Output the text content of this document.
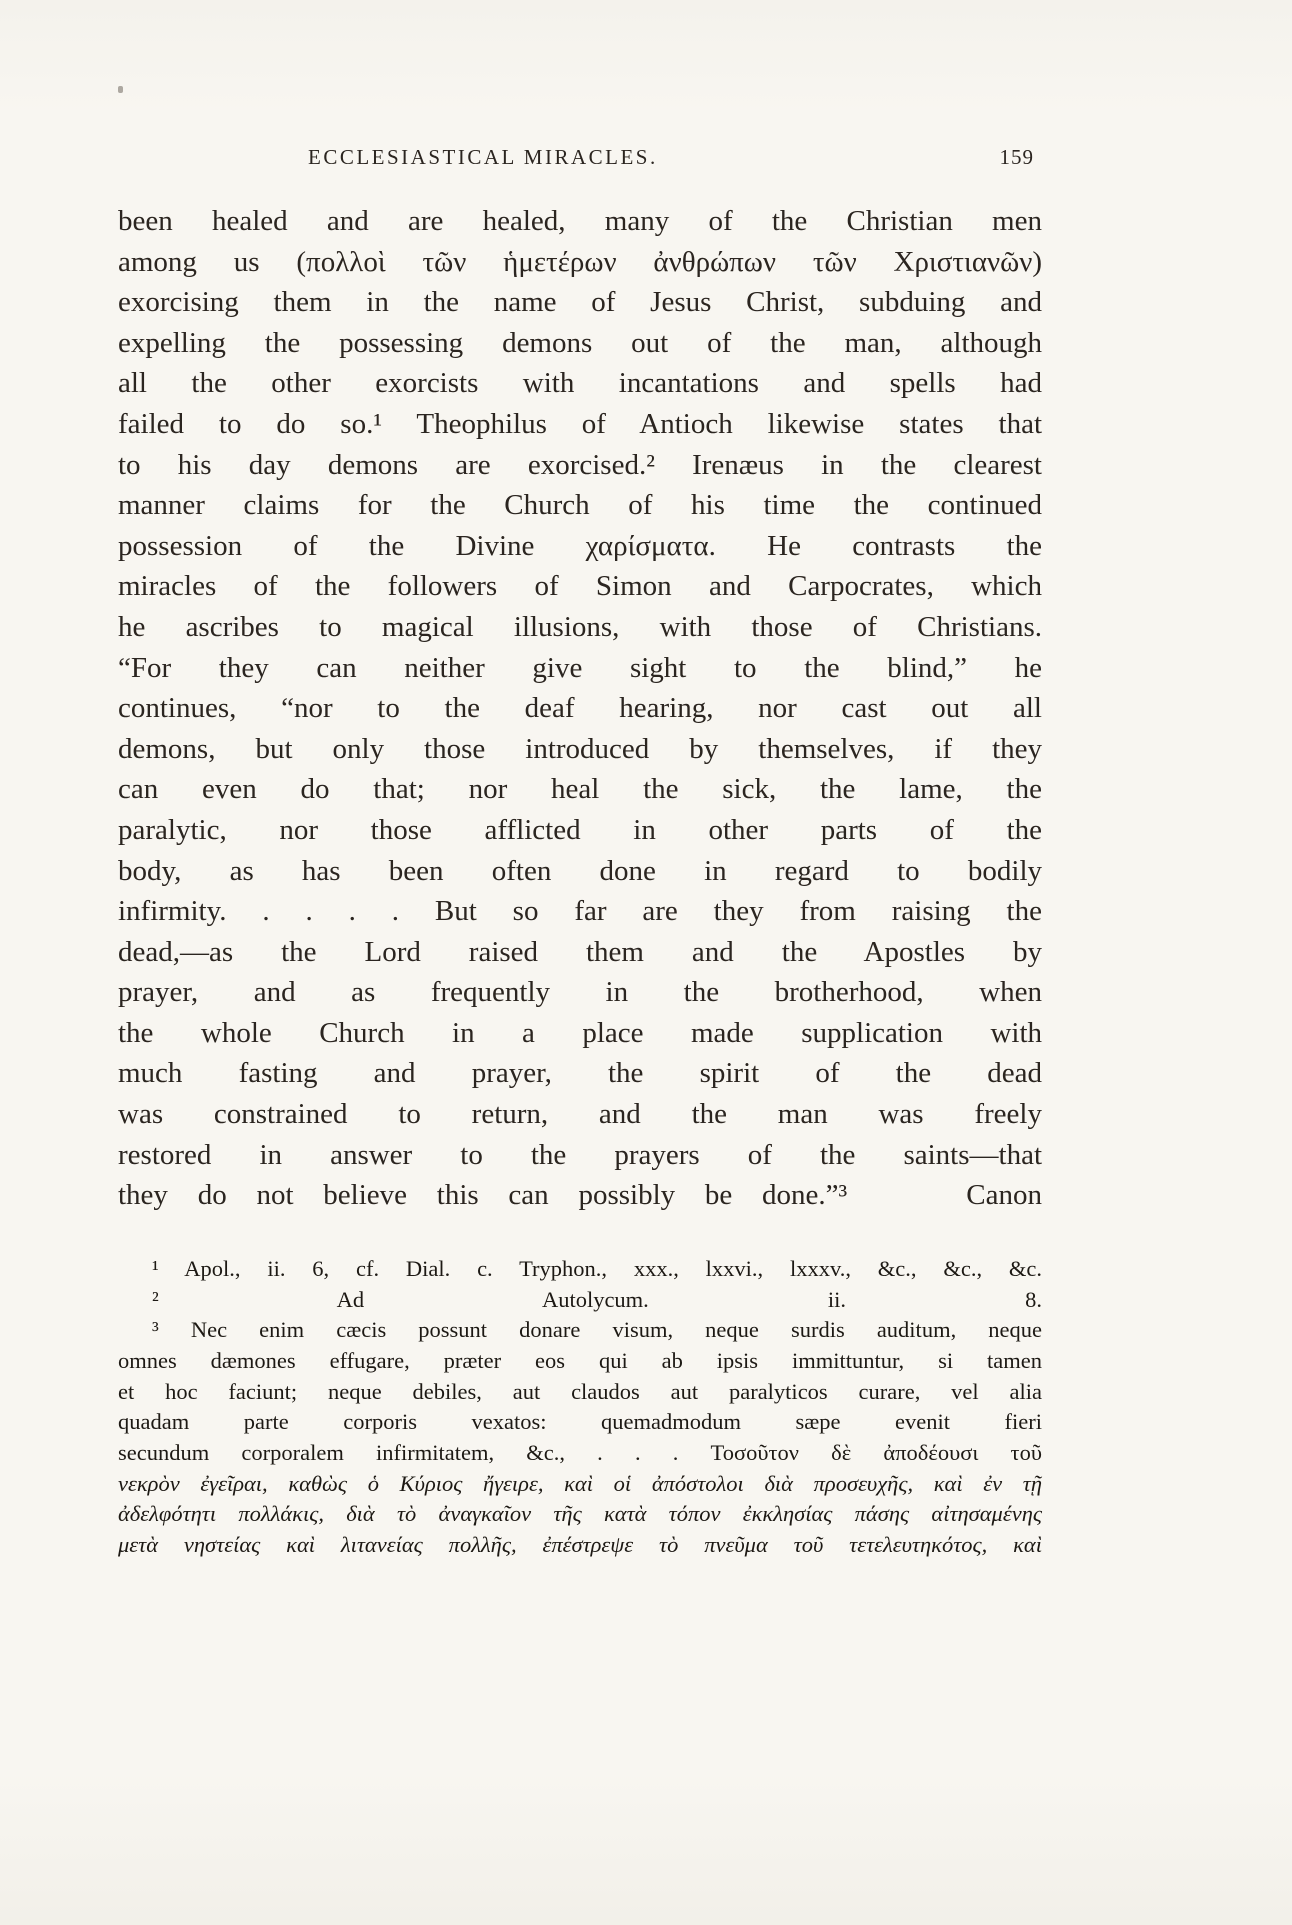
ECCLESIASTICAL MIRACLES.	159
been healed and are healed, many of the Christian men
among us (πολλοὶ τῶν ἡμετέρων ἀνθρώπων τῶν Χριστιανῶν)
exorcising them in the name of Jesus Christ, subduing and
expelling the possessing demons out of the man, although
all the other exorcists with incantations and spells had
failed to do so.¹ Theophilus of Antioch likewise states that
to his day demons are exorcised.² Irenæus in the clearest
manner claims for the Church of his time the continued
possession of the Divine χαρίσματα. He contrasts the
miracles of the followers of Simon and Carpocrates, which
he ascribes to magical illusions, with those of Christians.
“For they can neither give sight to the blind,” he
continues, “nor to the deaf hearing, nor cast out all
demons, but only those introduced by themselves, if they
can even do that; nor heal the sick, the lame, the
paralytic, nor those afflicted in other parts of the
body, as has been often done in regard to bodily
infirmity. . . . . But so far are they from raising the
dead,—as the Lord raised them and the Apostles by
prayer, and as frequently in the brotherhood, when
the whole Church in a place made supplication with
much fasting and prayer, the spirit of the dead
was constrained to return, and the man was freely
restored in answer to the prayers of the saints—that
they do not believe this can possibly be done.”³    Canon
¹ Apol., ii. 6, cf. Dial. c. Tryphon., xxx., lxxvi., lxxxv., &c., &c., &c.
² Ad Autolycum. ii. 8.
³ Nec enim cæcis possunt donare visum, neque surdis auditum, neque
omnes dæmones effugare, præter eos qui ab ipsis immittuntur, si tamen
et hoc faciunt; neque debiles, aut claudos aut paralyticos curare, vel alia
quadam parte corporis vexatos: quemadmodum sæpe evenit fieri
secundum corporalem infirmitatem, &c., . . . Τοσοῦτον δὲ ἀποδέουσι τοῦ
νεκρὸν ἐγεῖραι, καθὼς ὁ Κύριος ἤγειρε, καὶ οἱ ἀπόστολοι διὰ προσευχῆς, καὶ ἐν τῇ
ἀδελφότητι πολλάκις, διὰ τὸ ἀναγκαῖον τῆς κατὰ τόπον ἐκκλησίας πάσης αἰτησαμένης
μετὰ νηστείας καὶ λιτανείας πολλῆς, ἐπέστρεψε τὸ πνεῦμα τοῦ τετελευτηκότος, καὶ
